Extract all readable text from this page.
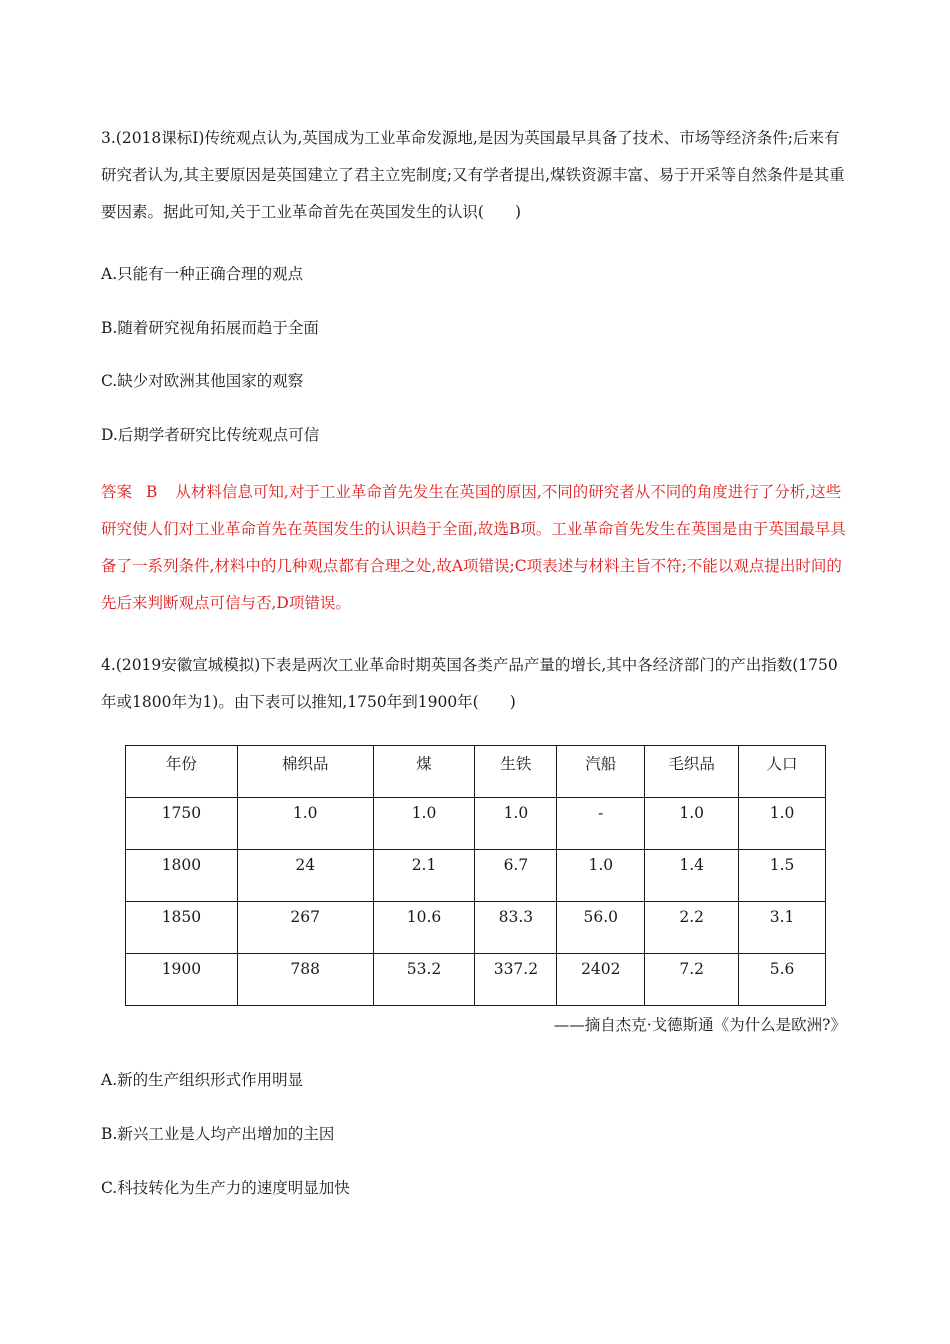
3.(2018课标Ⅰ)传统观点认为,英国成为工业革命发源地,是因为英国最早具备了技术、市场等经济条件;后来有研究者认为,其主要原因是英国建立了君主立宪制度;又有学者提出,煤铁资源丰富、易于开采等自然条件是其重要因素。据此可知,关于工业革命首先在英国发生的认识(　　)

A.只能有一种正确合理的观点

B.随着研究视角拓展而趋于全面

C.缺少对欧洲其他国家的观察

D.后期学者研究比传统观点可信

答案 B 从材料信息可知,对于工业革命首先发生在英国的原因,不同的研究者从不同的角度进行了分析,这些研究使人们对工业革命首先在英国发生的认识趋于全面,故选B项。工业革命首先发生在英国是由于英国最早具备了一系列条件,材料中的几种观点都有合理之处,故A项错误;C项表述与材料主旨不符;不能以观点提出时间的先后来判断观点可信与否,D项错误。

4.(2019安徽宣城模拟)下表是两次工业革命时期英国各类产品产量的增长,其中各经济部门的产出指数(1750年或1800年为1)。由下表可以推知,1750年到1900年(　　)

年份	棉织品	煤	生铁	汽船	毛织品	人口
1750	1.0	1.0	1.0	-	1.0	1.0
1800	24	2.1	6.7	1.0	1.4	1.5
1850	267	10.6	83.3	56.0	2.2	3.1
1900	788	53.2	337.2	2402	7.2	5.6

——摘自杰克·戈德斯通《为什么是欧洲?》

A.新的生产组织形式作用明显

B.新兴工业是人均产出增加的主因

C.科技转化为生产力的速度明显加快
